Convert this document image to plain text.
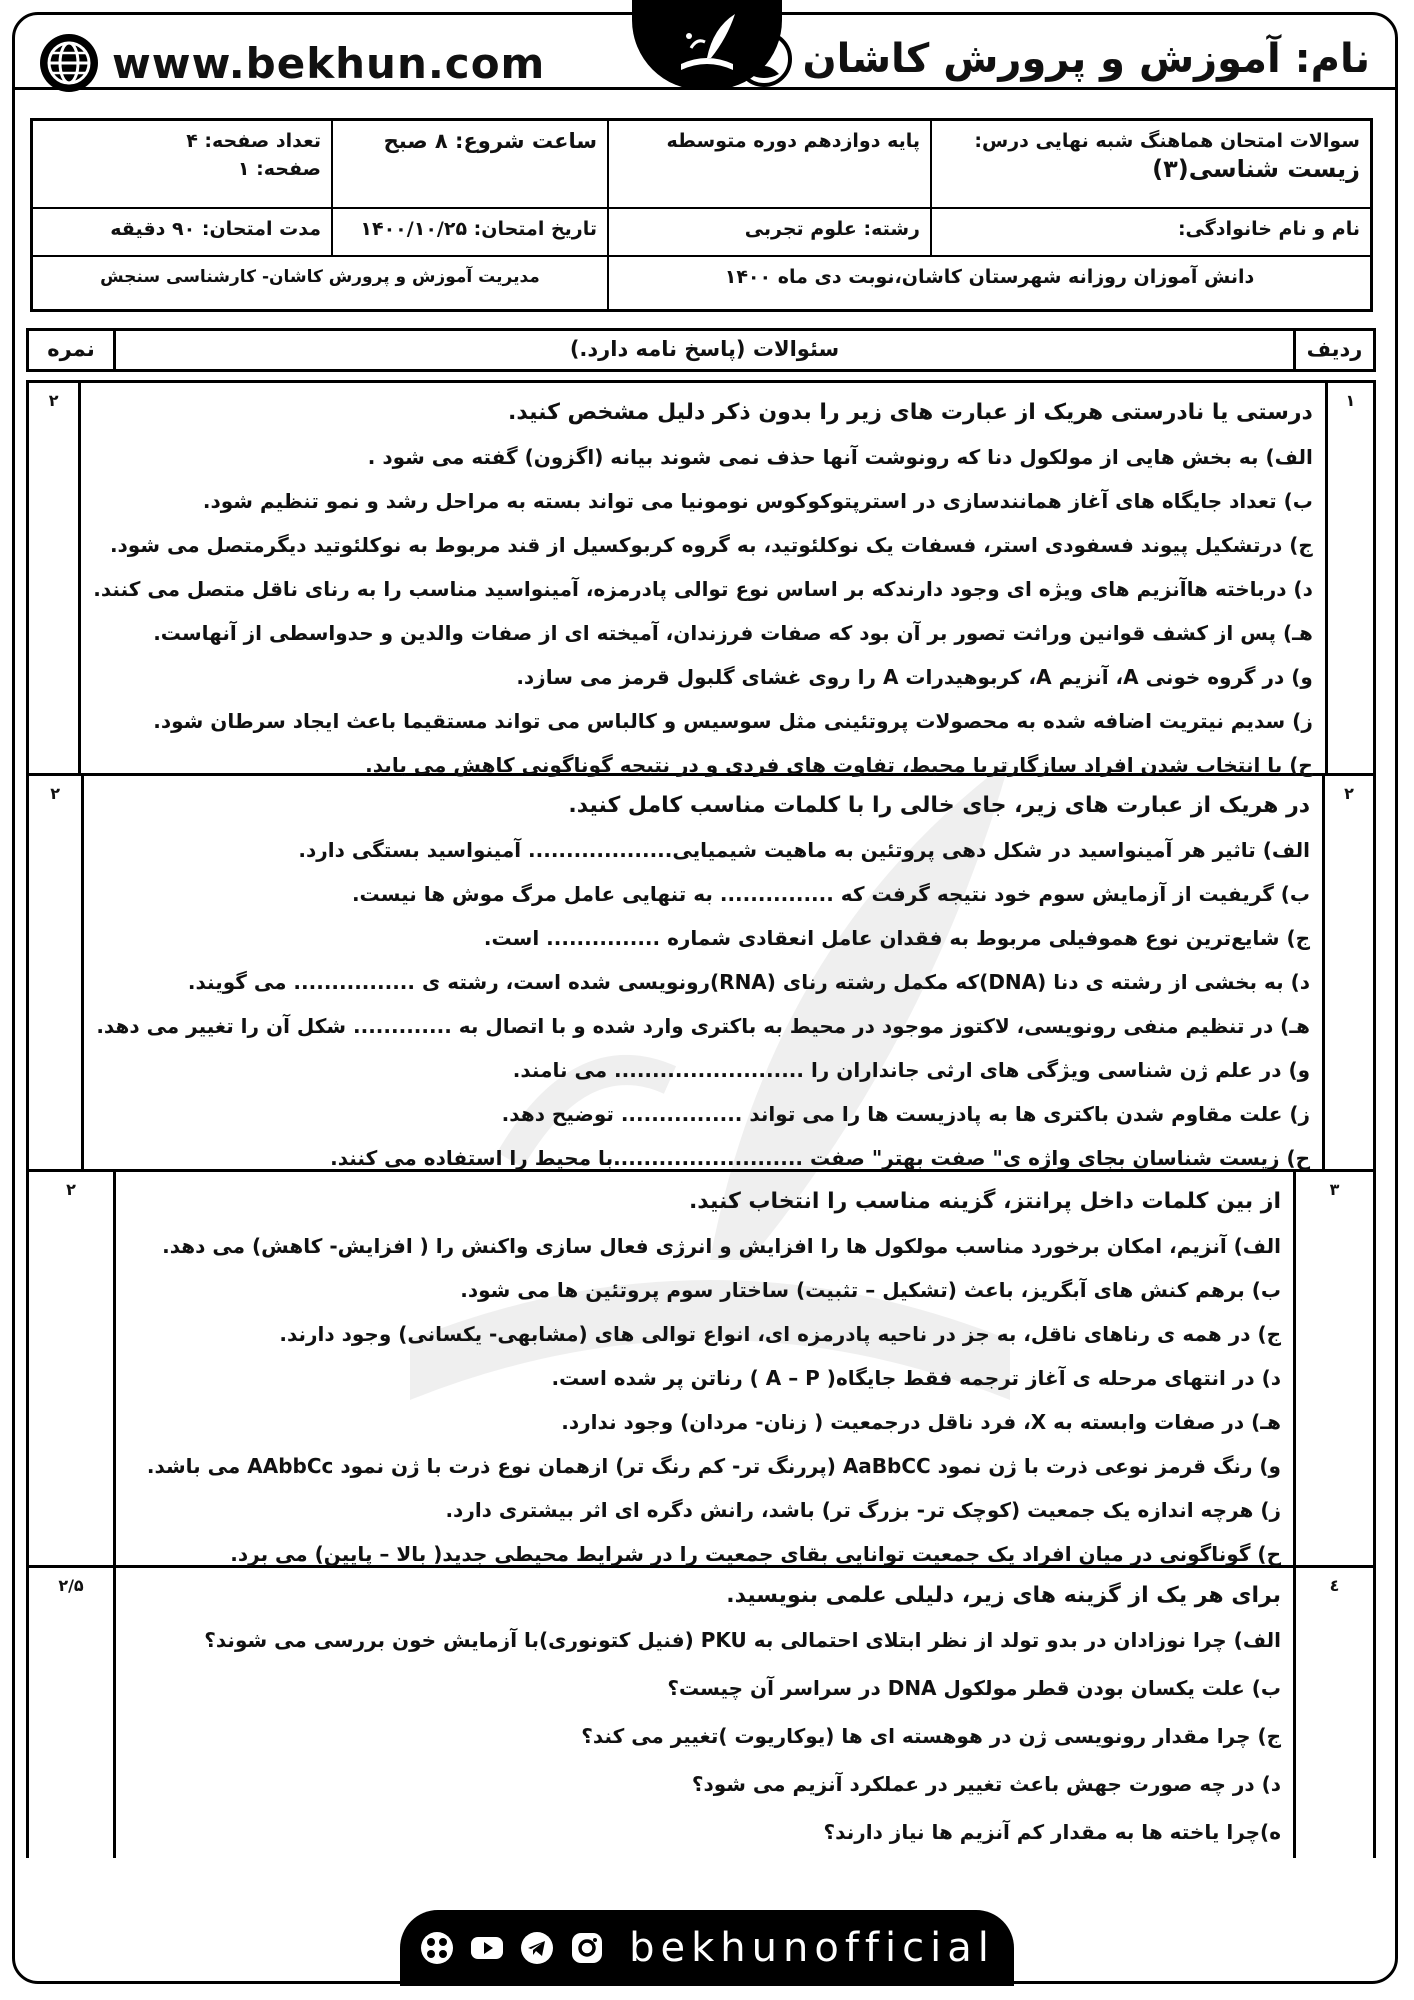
www.bekhun.com	نام: آموزش و پرورش کاشان
سوالات امتحان هماهنگ شبه نهایی درس:
زیست شناسی(۳)
پایه دوازدهم دوره متوسطه
ساعت شروع: ۸ صبح
تعداد صفحه: ۴
صفحه: ۱
نام و نام خانوادگی:
رشته: علوم تجربی
تاریخ امتحان: ۱۴۰۰/۱۰/۲۵
مدت امتحان: ۹۰ دقیقه
دانش آموزان روزانه شهرستان کاشان،نوبت دی ماه ۱۴۰۰
مدیریت آموزش و پرورش کاشان- کارشناسی سنجش
ردیف
سئوالات (پاسخ نامه دارد.)
نمره
۱
درستی یا نادرستی هریک از عبارت های زیر را بدون ذکر دلیل مشخص کنید.
الف) به بخش هایی از مولکول دنا که رونوشت آنها حذف نمی شوند بیانه (اگزون) گفته می شود .
ب) تعداد جایگاه های آغاز همانندسازی در استرپتوکوکوس نومونیا می تواند بسته به مراحل رشد و نمو تنظیم شود.
ج) درتشکیل پیوند فسفودی استر، فسفات یک نوکلئوتید، به گروه کربوکسیل از قند مربوط به نوکلئوتید دیگرمتصل می شود.
د) درباخته هاآنزیم های ویژه ای وجود دارندکه بر اساس نوع توالی پادرمزه، آمینواسید مناسب را به رنای ناقل متصل می کنند.
هـ) پس از کشف قوانین وراثت تصور بر آن بود که صفات فرزندان، آمیخته ای از صفات والدین و حدواسطی از آنهاست.
و) در گروه خونی A، آنزیم A، کربوهیدرات A را روی غشای گلبول قرمز می سازد.
ز) سدیم نیتریت اضافه شده به محصولات پروتئینی مثل سوسیس و کالباس می تواند مستقیما باعث ایجاد سرطان شود.
ح) با انتخاب شدن افراد سازگارتربا محیط، تفاوت های فردی و در نتیجه گوناگونی کاهش می یابد.
۲
۲
در هریک از عبارت های زیر، جای خالی را با کلمات مناسب کامل کنید.
الف) تاثیر هر آمینواسید در شکل دهی پروتئین به ماهیت شیمیایی................... آمینواسید بستگی دارد.
ب) گریفیت از آزمایش سوم خود نتیجه گرفت که ............... به تنهایی عامل مرگ موش ها نیست.
ج) شایع‌ترین نوع هموفیلی مربوط به فقدان عامل انعقادی شماره ............... است.
د) به بخشی از رشته ی دنا (DNA)که مکمل رشته رنای (RNA)رونویسی شده است، رشته ی ................ می گویند.
هـ) در تنظیم منفی رونویسی، لاکتوز موجود در محیط به باکتری وارد شده و با اتصال به ............. شکل آن را تغییر می دهد.
و) در علم ژن شناسی ویژگی های ارثی جانداران را ......................... می نامند.
ز) علت مقاوم شدن باکتری ها به پادزیست ها را می تواند ................ توضیح دهد.
ح) زیست شناسان بجای واژه ی" صفت بهتر" صفت .........................با محیط را استفاده می کنند.
۲
۳
از بین کلمات داخل پرانتز، گزینه مناسب را انتخاب کنید.
الف) آنزیم، امکان برخورد مناسب مولکول ها را افزایش و انرژی فعال سازی واکنش را ( افزایش- کاهش) می دهد.
ب) برهم کنش های آبگریز، باعث (تشکیل – تثبیت) ساختار سوم پروتئین ها می شود.
ج) در همه ی رناهای ناقل، به جز در ناحیه پادرمزه ای، انواع توالی های (مشابهی- یکسانی) وجود دارند.
د) در انتهای مرحله ی آغاز ترجمه فقط جایگاه( A – P ) رناتن پر شده است.
هـ) در صفات وابسته به X، فرد ناقل درجمعیت ( زنان- مردان) وجود ندارد.
و) رنگ قرمز نوعی ذرت با ژن نمود AaBbCC (پررنگ تر- کم رنگ تر) ازهمان نوع ذرت با ژن نمود AAbbCc می باشد.
ز) هرچه اندازه یک جمعیت (کوچک تر- بزرگ تر) باشد، رانش دگره ای اثر بیشتری دارد.
ح) گوناگونی در میان افراد یک جمعیت توانایی بقای جمعیت را در شرایط محیطی جدید( بالا – پایین) می برد.
۲
٤
برای هر یک از گزینه های زیر، دلیلی علمی بنویسید.
الف) چرا نوزادان در بدو تولد از نظر ابتلای احتمالی به PKU (فنیل کتونوری)با آزمایش خون بررسی می شوند؟
ب) علت یکسان بودن قطر مولکول DNA در سراسر آن چیست؟
ج) چرا مقدار رونویسی ژن در هوهسته ای ها (یوکاریوت )تغییر می کند؟
د) در چه صورت جهش باعث تغییر در عملکرد آنزیم می شود؟
ه)چرا یاخته ها به مقدار کم آنزیم ها نیاز دارند؟
۲/۵
bekhunofficial
